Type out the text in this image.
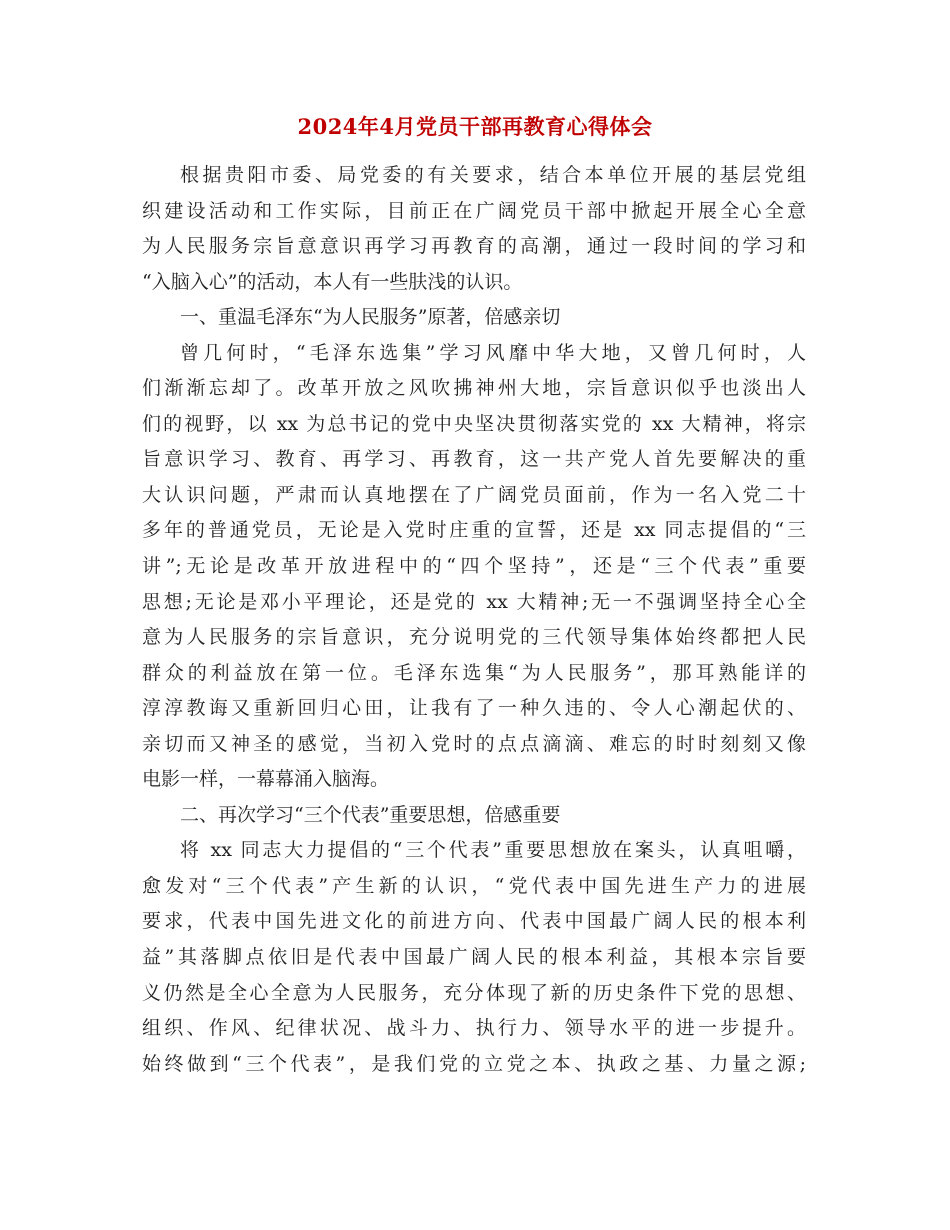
2024年4月党员干部再教育心得体会
根据贵阳市委、局党委的有关要求，结合本单位开展的基层党组
织建设活动和工作实际，目前正在广阔党员干部中掀起开展全心全意
为人民服务宗旨意意识再学习再教育的高潮，通过一段时间的学习和
“入脑入心”的活动，本人有一些肤浅的认识。
一、重温毛泽东“为人民服务”原著，倍感亲切
曾几何时，“毛泽东选集”学习风靡中华大地，又曾几何时，人
们渐渐忘却了。改革开放之风吹拂神州大地，宗旨意识似乎也淡出人
们的视野，以 xx 为总书记的党中央坚决贯彻落实党的 xx 大精神，将宗
旨意识学习、教育、再学习、再教育，这一共产党人首先要解决的重
大认识问题，严肃而认真地摆在了广阔党员面前，作为一名入党二十
多年的普通党员，无论是入党时庄重的宣誓，还是 xx 同志提倡的“三
讲”;无论是改革开放进程中的“四个坚持”，还是“三个代表”重要
思想;无论是邓小平理论，还是党的 xx 大精神;无一不强调坚持全心全
意为人民服务的宗旨意识，充分说明党的三代领导集体始终都把人民
群众的利益放在第一位。毛泽东选集“为人民服务”，那耳熟能详的
淳淳教诲又重新回归心田，让我有了一种久违的、令人心潮起伏的、
亲切而又神圣的感觉，当初入党时的点点滴滴、难忘的时时刻刻又像
电影一样，一幕幕涌入脑海。
二、再次学习“三个代表”重要思想，倍感重要
将 xx 同志大力提倡的“三个代表”重要思想放在案头，认真咀嚼，
愈发对“三个代表”产生新的认识，“党代表中国先进生产力的进展
要求，代表中国先进文化的前进方向、代表中国最广阔人民的根本利
益”其落脚点依旧是代表中国最广阔人民的根本利益，其根本宗旨要
义仍然是全心全意为人民服务，充分体现了新的历史条件下党的思想、
组织、作风、纪律状况、战斗力、执行力、领导水平的进一步提升。
始终做到“三个代表”，是我们党的立党之本、执政之基、力量之源;
